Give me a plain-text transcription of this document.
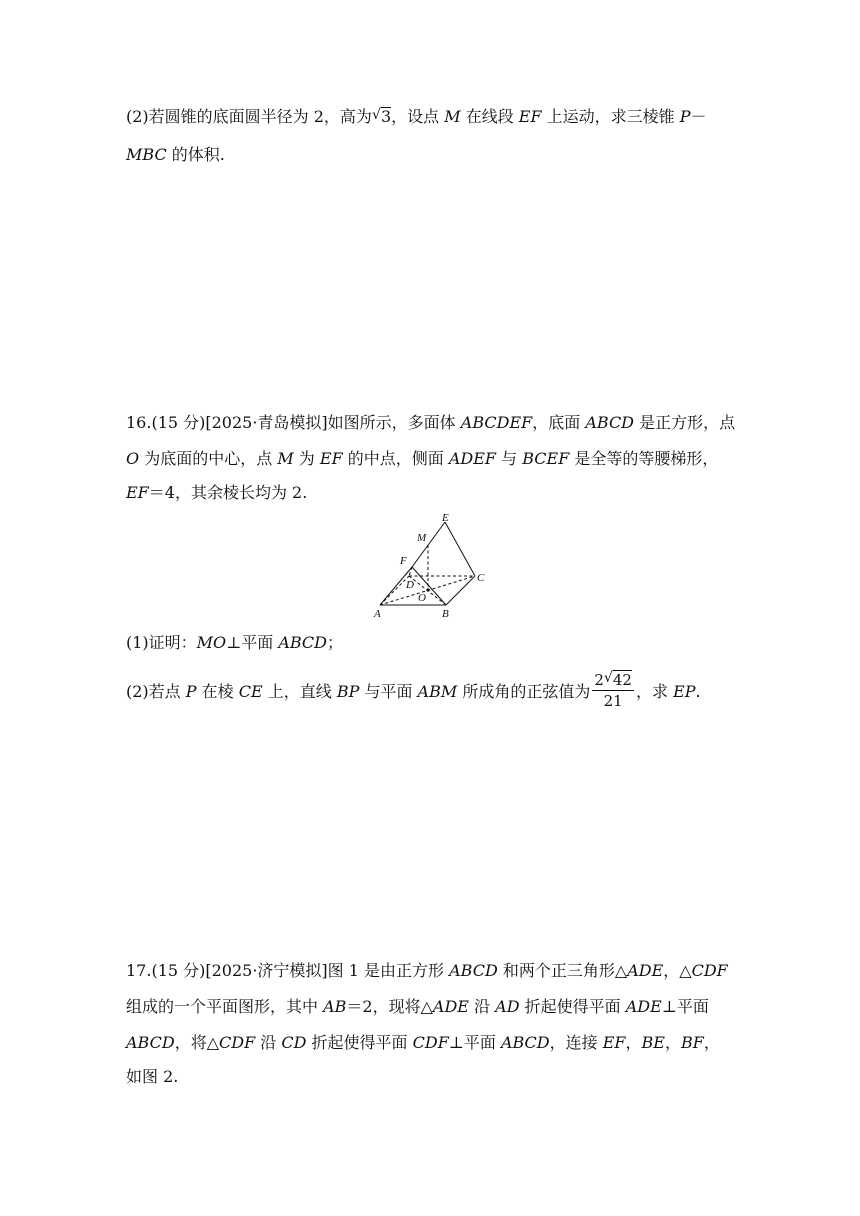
(2)若圆锥的底面圆半径为 2，高为 √ 3，设点 M 在线段 EF 上运动，求三棱锥 P－
MBC 的体积.
16.(15 分)[2025·青岛模拟]如图所示，多面体 ABCDEF，底面 ABCD 是正方形，点
O 为底面的中心，点 M 为 EF 的中点，侧面 ADEF 与 BCEF 是全等的等腰梯形，
EF＝4，其余棱长均为 2.
E
M
F
D
C
O
A	B
(1)证明：MO⊥平面 ABCD；
(2)若点 P 在棱 CE 上，直线 BP 与平面 ABM 所成角的正弦值为 $\frac{2 √ 42}{21}$ ，求 EP.
17.(15 分)[2025·济宁模拟]图 1 是由正方形 ABCD 和两个正三角形△ADE，△CDF
组成的一个平面图形，其中 AB＝2，现将△ADE 沿 AD 折起使得平面 ADE⊥平面
ABCD，将△CDF 沿 CD 折起使得平面 CDF⊥平面 ABCD，连接 EF，BE，BF，
如图 2.
